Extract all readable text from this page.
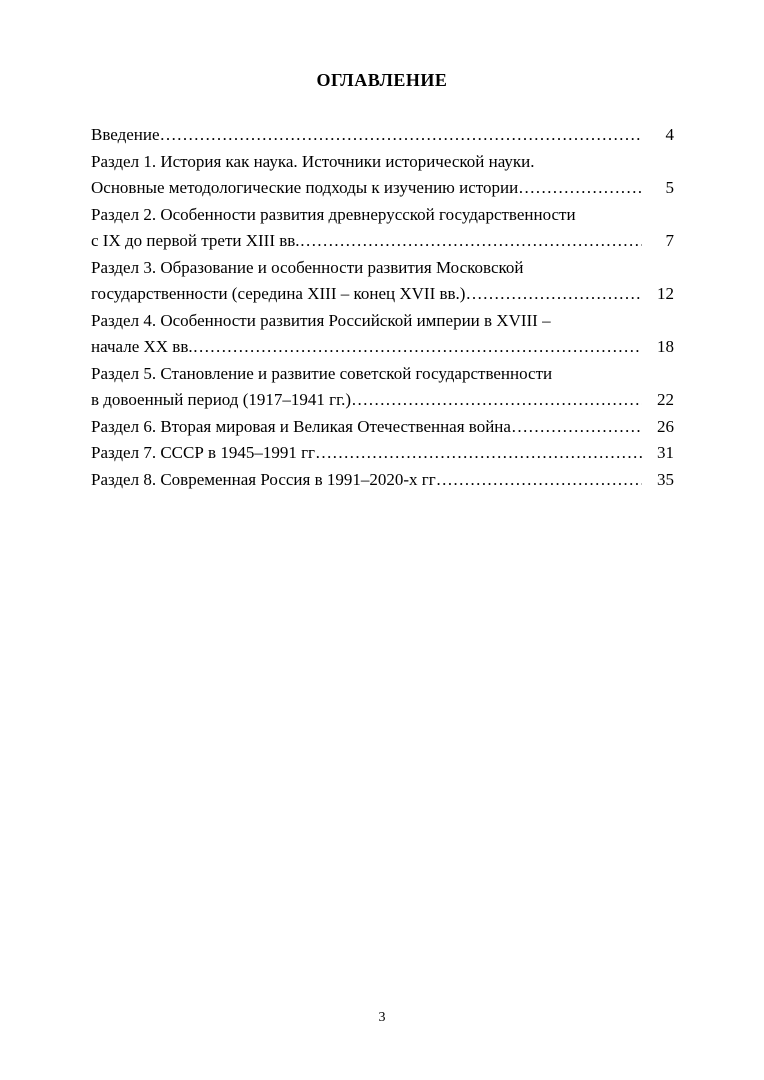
ОГЛАВЛЕНИЕ
Введение ………………………………………………………………………………………………………………………………………………………………	4
Раздел 1. История как наука. Источники исторической науки.
Основные методологические подходы к изучению истории ………………………………………………………………………………………………………………………………………………………………	5
Раздел 2. Особенности развития древнерусской государственности
с IX до первой трети XIII вв. ………………………………………………………………………………………………………………………………………………………………	7
Раздел 3. Образование и особенности развития Московской
государственности (середина XIII – конец XVII вв.) ………………………………………………………………………………………………………………………………………………………………	12
Раздел 4. Особенности развития Российской империи в XVIII –
начале XX вв. ………………………………………………………………………………………………………………………………………………………………	18
Раздел 5. Становление и развитие советской государственности
в довоенный период (1917–1941 гг.) ………………………………………………………………………………………………………………………………………………………………	22
Раздел 6. Вторая мировая и Великая Отечественная война ………………………………………………………………………………………………………………………………………………………………	26
Раздел 7. СССР в 1945–1991 гг ………………………………………………………………………………………………………………………………………………………………	31
Раздел 8. Современная Россия в 1991–2020-х гг ………………………………………………………………………………………………………………………………………………………………	35
3
